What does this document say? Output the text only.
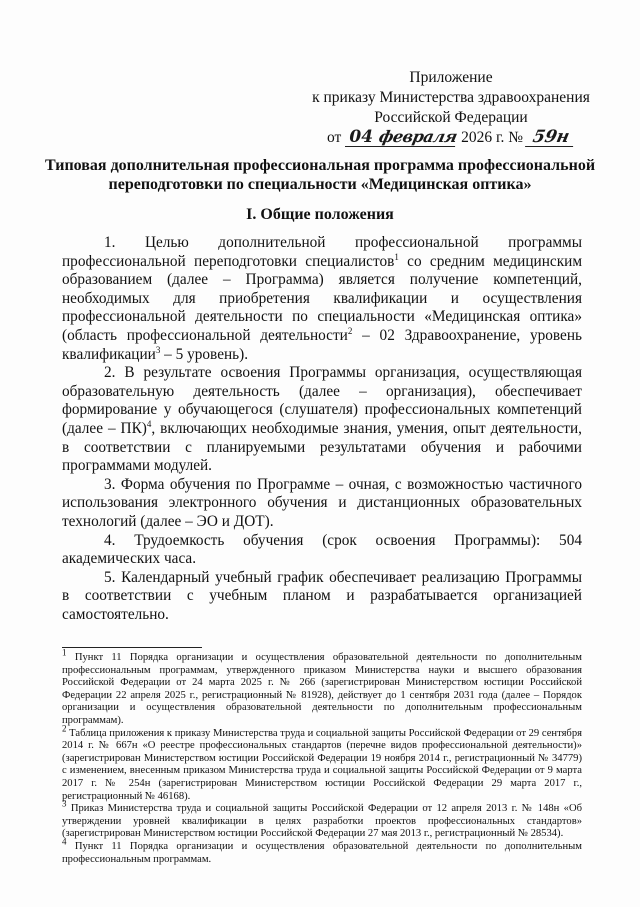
Приложение
к приказу Министерства здравоохранения
Российской Федерации
от 04 февраля 2026 г. № 59н
Типовая дополнительная профессиональная программа профессиональной переподготовки по специальности «Медицинская оптика»
I. Общие положения

1. Целью дополнительной профессиональной программы профессиональной переподготовки специалистов$^1$ со средним медицинским образованием (далее – Программа) является получение компетенций, необходимых для приобретения квалификации и осуществления профессиональной деятельности по специальности «Медицинская оптика» (область профессиональной деятельности$^2$ – 02 Здравоохранение, уровень квалификации$^3$ – 5 уровень).

2. В результате освоения Программы организация, осуществляющая образовательную деятельность (далее – организация), обеспечивает формирование у обучающегося (слушателя) профессиональных компетенций (далее – ПК)$^4$, включающих необходимые знания, умения, опыт деятельности, в соответствии с планируемыми результатами обучения и рабочими программами модулей.

3. Форма обучения по Программе – очная, с возможностью частичного использования электронного обучения и дистанционных образовательных технологий (далее – ЭО и ДОТ).

4. Трудоемкость обучения (срок освоения Программы): 504 академических часа.

5. Календарный учебный график обеспечивает реализацию Программы в соответствии с учебным планом и разрабатывается организацией самостоятельно.

$^1$ Пункт 11 Порядка организации и осуществления образовательной деятельности по дополнительным профессиональным программам, утвержденного приказом Министерства науки и высшего образования Российской Федерации от 24 марта 2025 г. № 266 (зарегистрирован Министерством юстиции Российской Федерации 22 апреля 2025 г., регистрационный № 81928), действует до 1 сентября 2031 года (далее – Порядок организации и осуществления образовательной деятельности по дополнительным профессиональным программам).

$^2$ Таблица приложения к приказу Министерства труда и социальной защиты Российской Федерации от 29 сентября 2014 г. № 667н «О реестре профессиональных стандартов (перечне видов профессиональной деятельности)» (зарегистрирован Министерством юстиции Российской Федерации 19 ноября 2014 г., регистрационный № 34779) с изменением, внесенным приказом Министерства труда и социальной защиты Российской Федерации от 9 марта 2017 г. № 254н (зарегистрирован Министерством юстиции Российской Федерации 29 марта 2017 г., регистрационный № 46168).

$^3$ Приказ Министерства труда и социальной защиты Российской Федерации от 12 апреля 2013 г. № 148н «Об утверждении уровней квалификации в целях разработки проектов профессиональных стандартов» (зарегистрирован Министерством юстиции Российской Федерации 27 мая 2013 г., регистрационный № 28534).

$^4$ Пункт 11 Порядка организации и осуществления образовательной деятельности по дополнительным профессиональным программам.
